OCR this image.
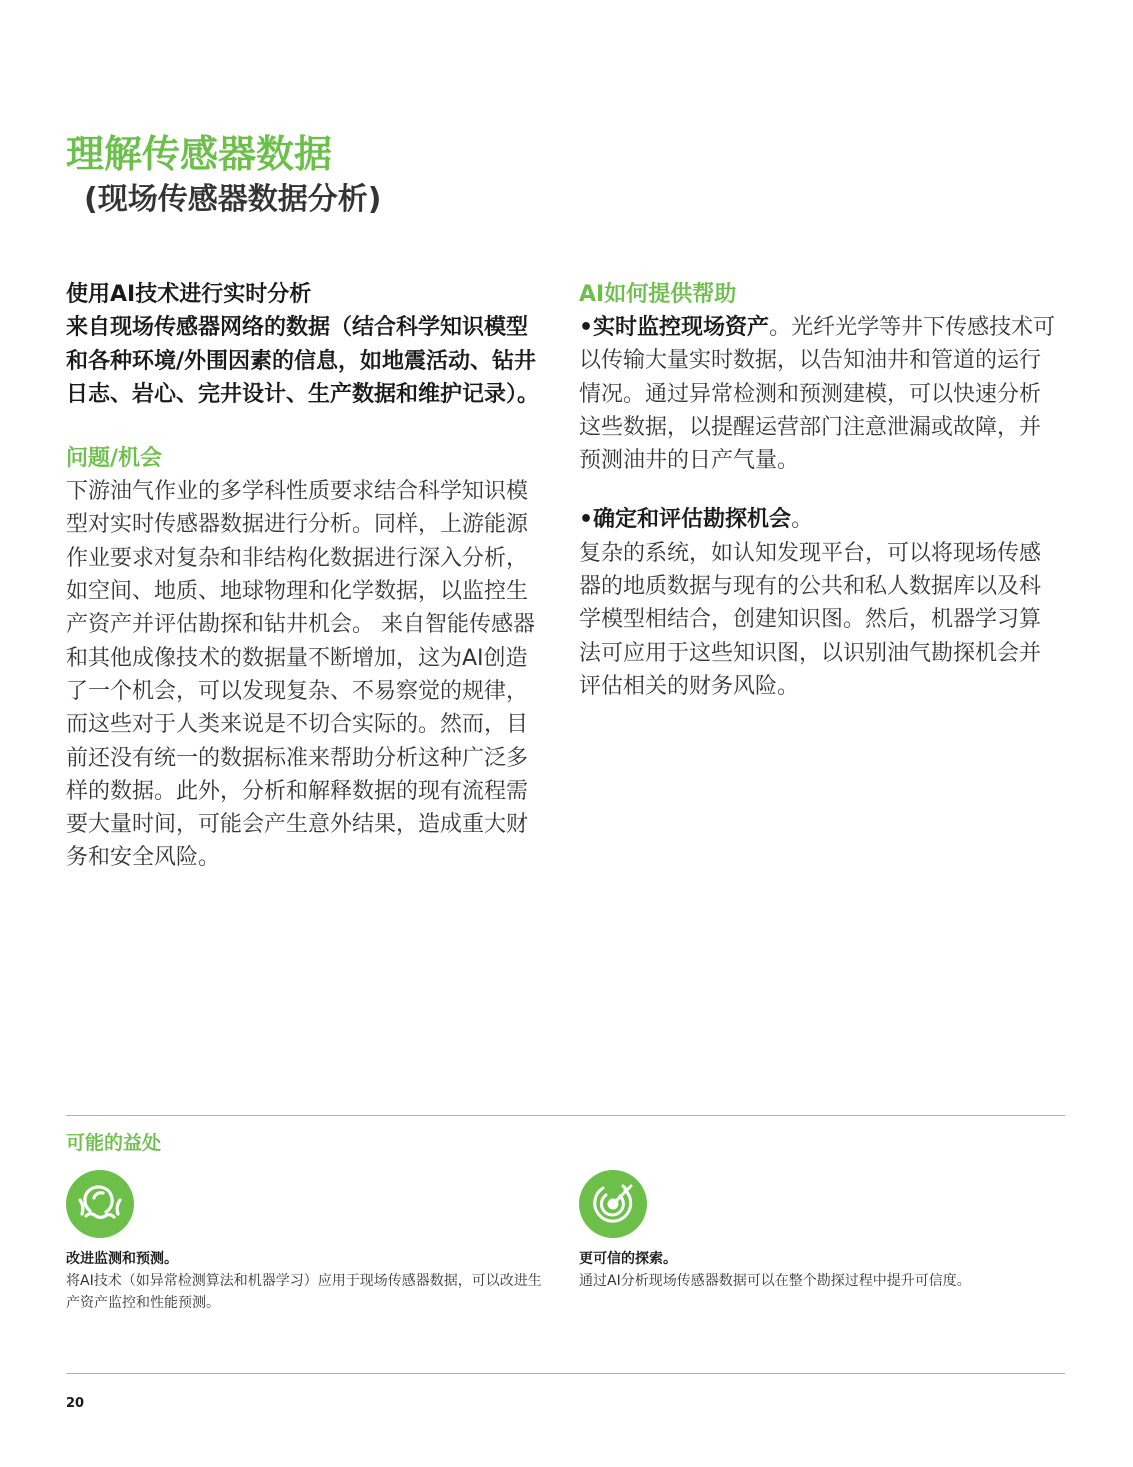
理解传感器数据
(现场传感器数据分析)

使用AI技术进行实时分析

来自现场传感器网络的数据（结合科学知识模型和各种环境/外围因素的信息，如地震活动、钻井日志、岩心、完井设计、生产数据和维护记录）。

问题/机会

下游油气作业的多学科性质要求结合科学知识模型对实时传感器数据进行分析。同样，上游能源作业要求对复杂和非结构化数据进行深入分析，如空间、地质、地球物理和化学数据，以监控生产资产并评估勘探和钻井机会。 来自智能传感器和其他成像技术的数据量不断增加，这为AI创造了一个机会，可以发现复杂、不易察觉的规律，而这些对于人类来说是不切合实际的。然而，目前还没有统一的数据标准来帮助分析这种广泛多样的数据。此外，分析和解释数据的现有流程需要大量时间，可能会产生意外结果，造成重大财务和安全风险。

AI如何提供帮助

•实时监控现场资产。光纤光学等井下传感技术可以传输大量实时数据，以告知油井和管道的运行情况。通过异常检测和预测建模，可以快速分析这些数据，以提醒运营部门注意泄漏或故障，并预测油井的日产气量。

•确定和评估勘探机会。

复杂的系统，如认知发现平台，可以将现场传感器的地质数据与现有的公共和私人数据库以及科学模型相结合，创建知识图。然后，机器学习算法可应用于这些知识图，以识别油气勘探机会并评估相关的财务风险。

可能的益处

改进监测和预测。

将AI技术（如异常检测算法和机器学习）应用于现场传感器数据，可以改进生产资产监控和性能预测。

更可信的探索。

通过AI分析现场传感器数据可以在整个勘探过程中提升可信度。

20
